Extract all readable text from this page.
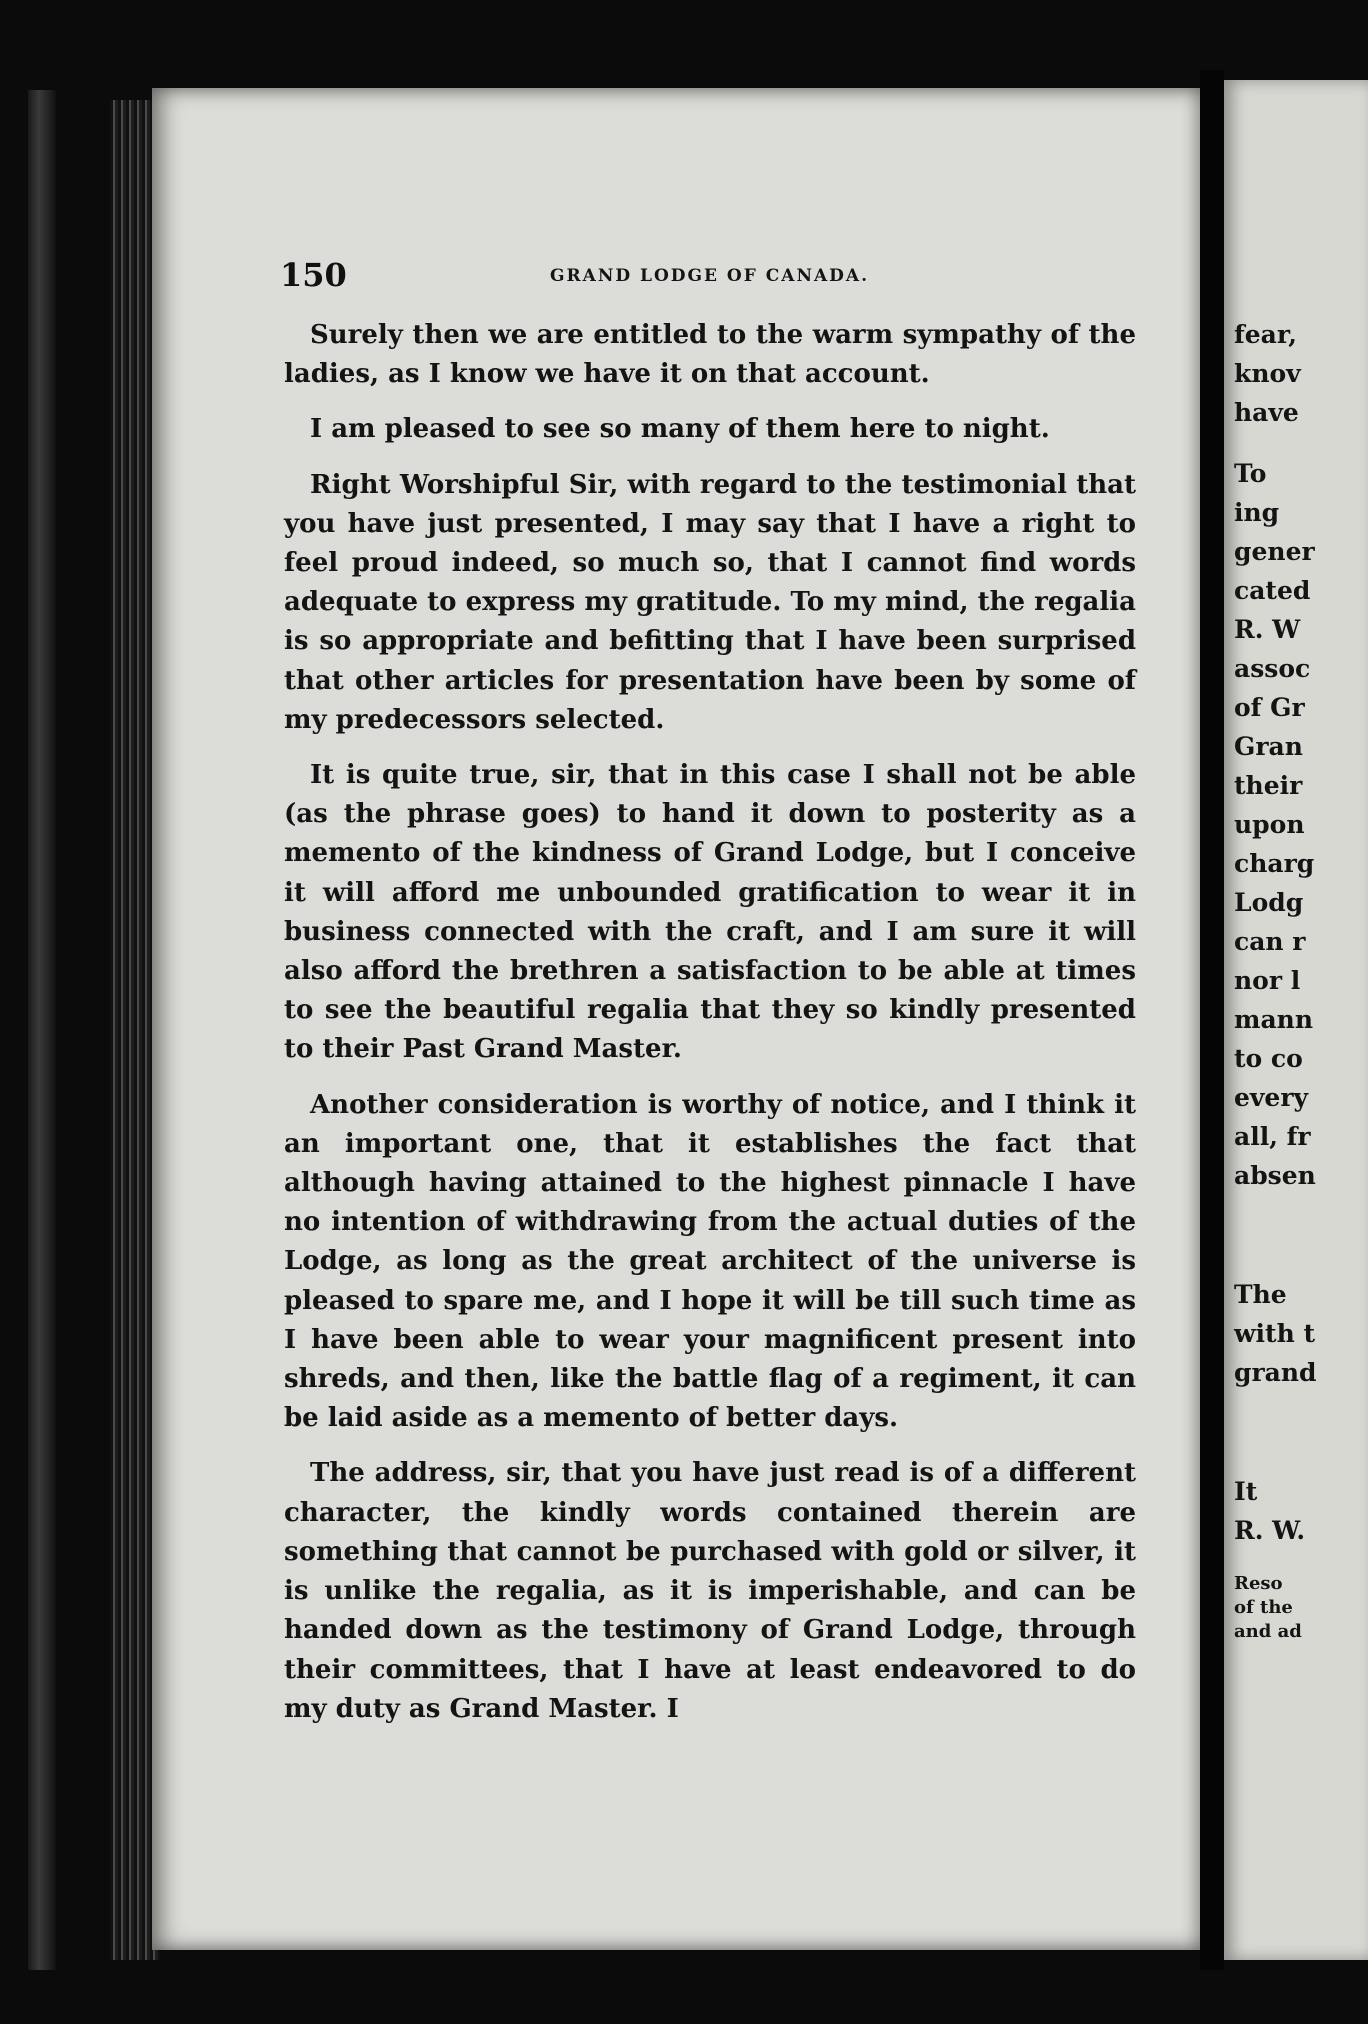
150	GRAND LODGE OF CANADA.

Surely then we are entitled to the warm sympathy of the ladies, as I know we have it on that account.

I am pleased to see so many of them here to night.

Right Worshipful Sir, with regard to the testimonial that you have just presented, I may say that I have a right to feel proud indeed, so much so, that I cannot find words adequate to express my gratitude. To my mind, the regalia is so appropriate and befitting that I have been surprised that other articles for presentation have been by some of my predecessors selected.

It is quite true, sir, that in this case I shall not be able (as the phrase goes) to hand it down to posterity as a memento of the kindness of Grand Lodge, but I conceive it will afford me unbounded gratification to wear it in business connected with the craft, and I am sure it will also afford the brethren a satisfaction to be able at times to see the beautiful regalia that they so kindly presented to their Past Grand Master.

Another consideration is worthy of notice, and I think it an important one, that it establishes the fact that although having attained to the highest pinnacle I have no intention of withdrawing from the actual duties of the Lodge, as long as the great architect of the universe is pleased to spare me, and I hope it will be till such time as I have been able to wear your magnificent present into shreds, and then, like the battle flag of a regiment, it can be laid aside as a memento of better days.

The address, sir, that you have just read is of a different character, the kindly words contained therein are something that cannot be purchased with gold or silver, it is unlike the regalia, as it is imperishable, and can be handed down as the testimony of Grand Lodge, through their committees, that I have at least endeavored to do my duty as Grand Master. I

fear,
knov
have
To
ing
gener
cated
R. W
assoc
of Gr
Gran
their
upon
charg
Lodg
can r
nor l
mann
to co
every
all, fr
absen
The
with t
grand
It
R. W.
Reso
of the
and ad
